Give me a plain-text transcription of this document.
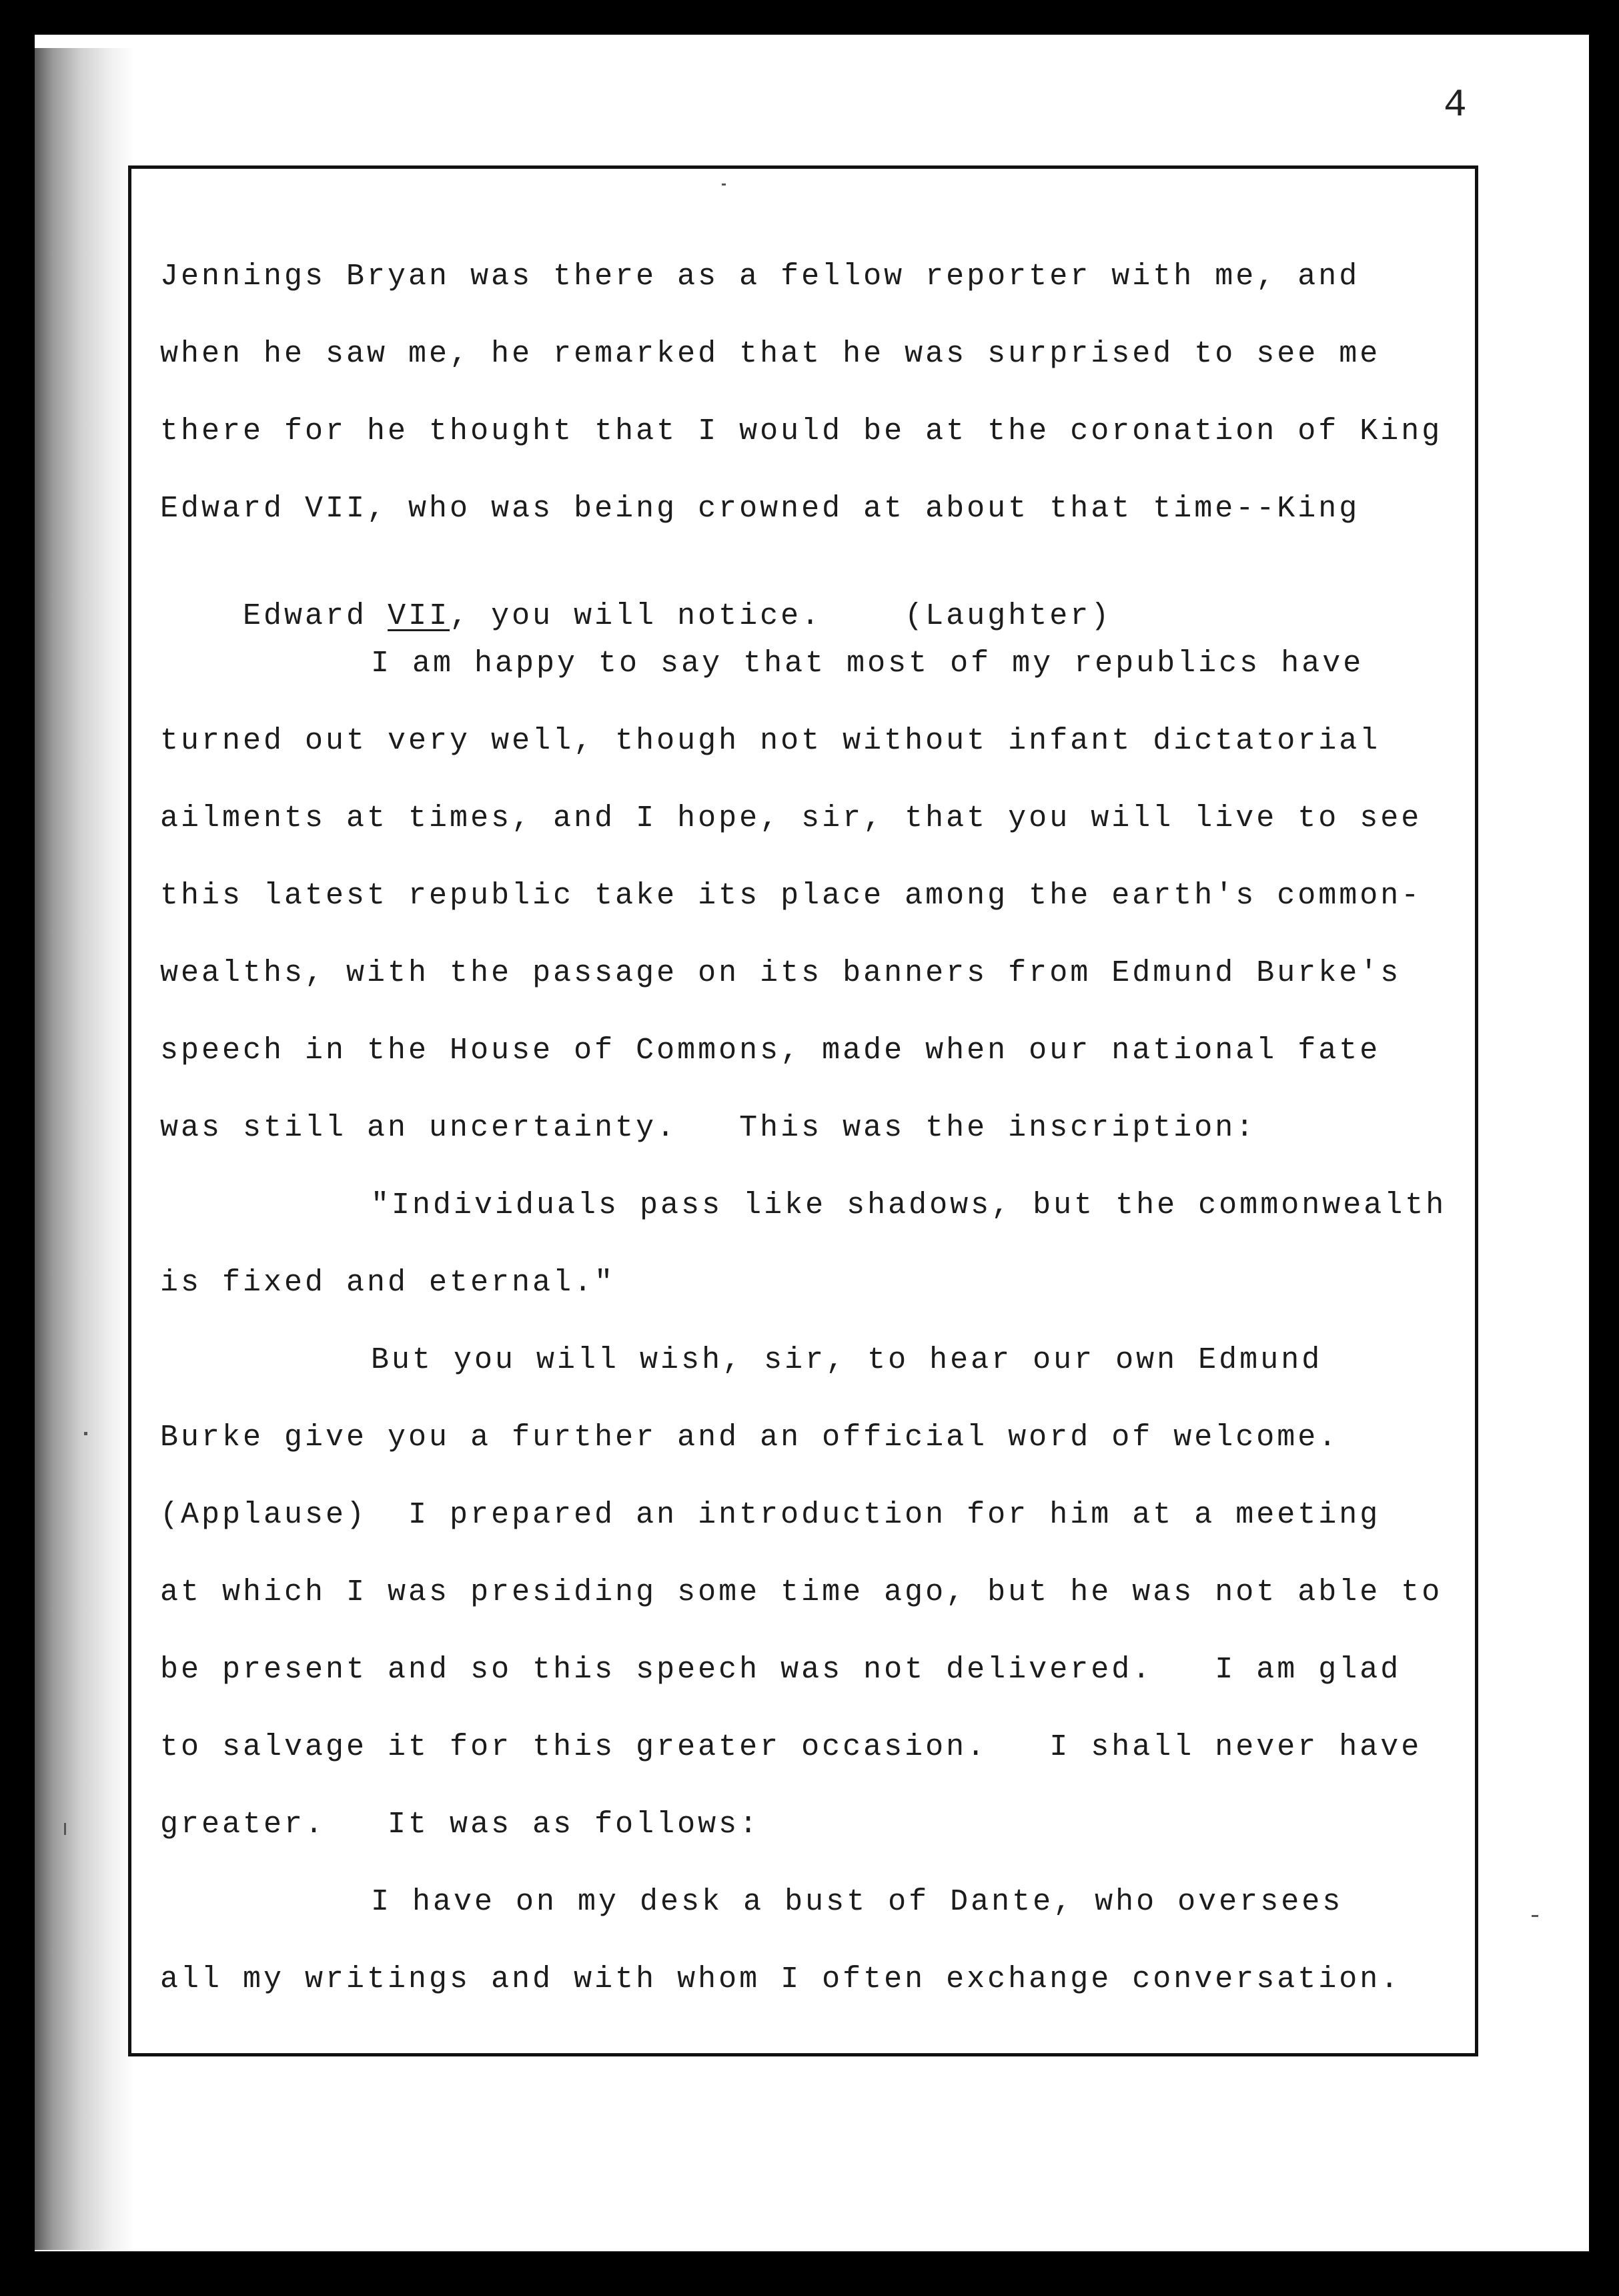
4
Jennings Bryan was there as a fellow reporter with me, and
when he saw me, he remarked that he was surprised to see me
there for he thought that I would be at the coronation of King
Edward VII, who was being crowned at about that time--King

Edward VII, you will notice.    (Laughter)

I am happy to say that most of my republics have
turned out very well, though not without infant dictatorial
ailments at times, and I hope, sir, that you will live to see
this latest republic take its place among the earth's common-
wealths, with the passage on its banners from Edmund Burke's
speech in the House of Commons, made when our national fate
was still an uncertainty.   This was the inscription:
"Individuals pass like shadows, but the commonwealth
is fixed and eternal."
But you will wish, sir, to hear our own Edmund
Burke give you a further and an official word of welcome.
(Applause)  I prepared an introduction for him at a meeting
at which I was presiding some time ago, but he was not able to
be present and so this speech was not delivered.   I am glad
to salvage it for this greater occasion.   I shall never have
greater.   It was as follows:
I have on my desk a bust of Dante, who oversees
all my writings and with whom I often exchange conversation.
